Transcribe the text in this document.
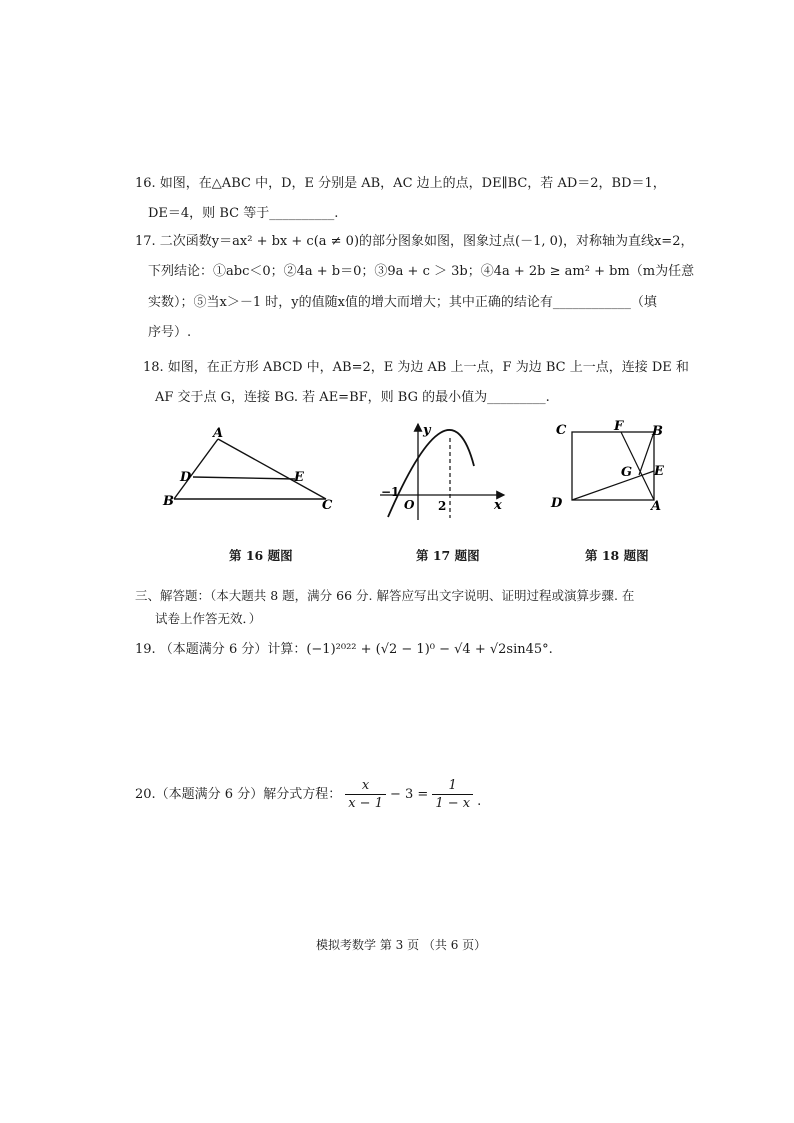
16. 如图，在△ABC 中，D，E 分别是 AB，AC 边上的点，DE∥BC，若 AD＝2，BD＝1，
DE＝4，则 BC 等于__________.
17. 二次函数y＝ax² + bx + c(a ≠ 0)的部分图象如图，图象过点(－1, 0)，对称轴为直线x=2，
下列结论：①abc＜0；②4a + b＝0；③9a + c ＞ 3b；④4a + 2b ≥ am² + bm（m为任意
实数）；⑤当x＞－1 时，y的值随x值的增大而增大；其中正确的结论有____________（填
序号）.
18. 如图，在正方形 ABCD 中，AB=2，E 为边 AB 上一点，F 为边 BC 上一点，连接 DE 和
AF 交于点 G，连接 BG. 若 AE=BF，则 BG 的最小值为_________.
A
D	E
B	C
第 16 题图
y
x
O
−1
2
第 17 题图
C	F B
G E
D	A
第 18 题图
三、解答题：（本大题共 8 题，满分 66 分. 解答应写出文字说明、证明过程或演算步骤. 在
试卷上作答无效．）
19. （本题满分 6 分）计算：(−1)²⁰²² + (√2 − 1)⁰ − √4 + √2sin45°.
20.（本题满分 6 分）解分式方程： $\frac{x}{x - 1} - 3 = \frac{1}{1 - x}$ .
模拟考数学 第 3 页 （共 6 页）
